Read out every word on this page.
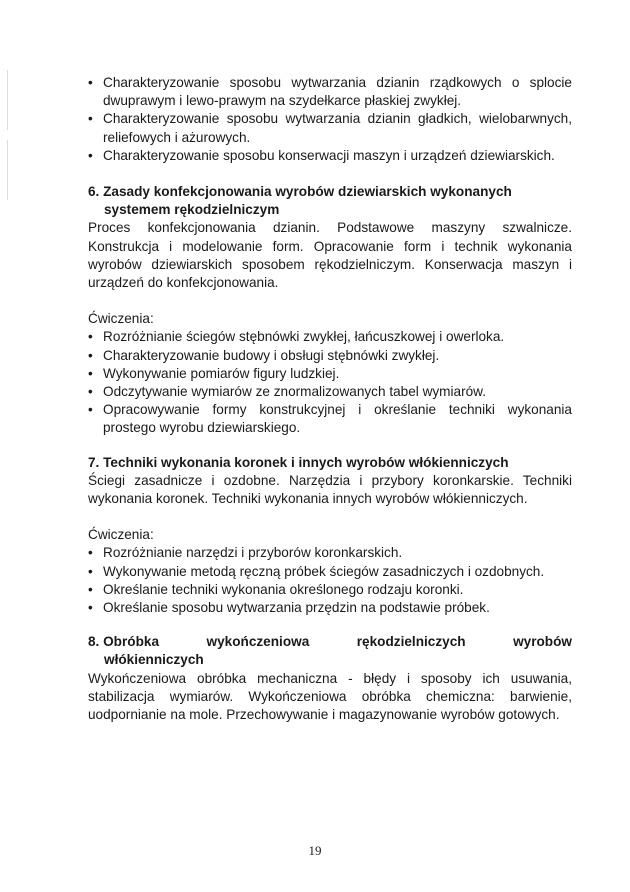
• Charakteryzowanie sposobu wytwarzania dzianin rządkowych o splocie dwuprawym i lewo-prawym na szydełkarce płaskiej zwykłej.
• Charakteryzowanie sposobu wytwarzania dzianin gładkich, wielobarwnych, reliefowych i ażurowych.
• Charakteryzowanie sposobu konserwacji maszyn i urządzeń dziewiarskich.

6. Zasady konfekcjonowania wyrobów dziewiarskich wykonanych
systemem rękodzielniczym

Proces konfekcjonowania dzianin. Podstawowe maszyny szwalnicze. Konstrukcja i modelowanie form. Opracowanie form i technik wykonania wyrobów dziewiarskich sposobem rękodzielniczym. Konserwacja maszyn i urządzeń do konfekcjonowania.

Ćwiczenia:

• Rozróżnianie ściegów stębnówki zwykłej, łańcuszkowej i owerloka.
• Charakteryzowanie budowy i obsługi stębnówki zwykłej.
• Wykonywanie pomiarów figury ludzkiej.
• Odczytywanie wymiarów ze znormalizowanych tabel wymiarów.
• Opracowywanie formy konstrukcyjnej i określanie techniki wykonania prostego wyrobu dziewiarskiego.

7. Techniki wykonania koronek i innych wyrobów włókienniczych

Ściegi zasadnicze i ozdobne. Narzędzia i przybory koronkarskie. Techniki wykonania koronek. Techniki wykonania innych wyrobów włókienniczych.

Ćwiczenia:

• Rozróżnianie narzędzi i przyborów koronkarskich.
• Wykonywanie metodą ręczną próbek ściegów zasadniczych i ozdobnych.
• Określanie techniki wykonania określonego rodzaju koronki.
• Określanie sposobu wytwarzania przędzin na podstawie próbek.
8. Obróbka	wykończeniowa	rękodzielniczych	wyrobów
włókienniczych

Wykończeniowa obróbka mechaniczna - błędy i sposoby ich usuwania, stabilizacja wymiarów. Wykończeniowa obróbka chemiczna: barwienie, uodpornianie na mole. Przechowywanie i magazynowanie wyrobów gotowych.

19
